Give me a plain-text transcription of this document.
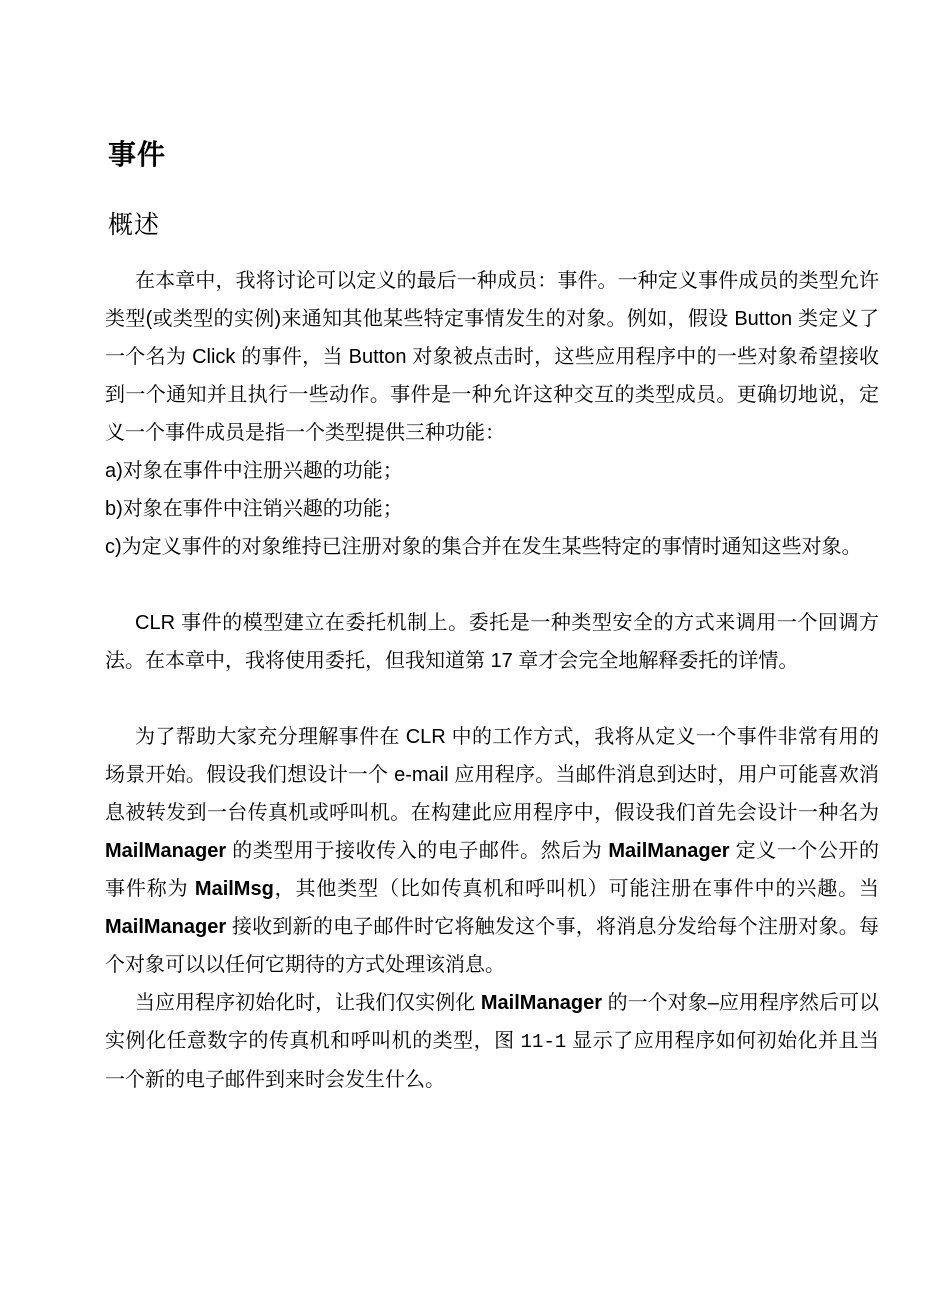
事件
概述

在本章中，我将讨论可以定义的最后一种成员：事件。一种定义事件成员的类型允许类型(或类型的实例)来通知其他某些特定事情发生的对象。例如，假设 Button 类定义了一个名为 Click 的事件，当 Button 对象被点击时，这些应用程序中的一些对象希望接收到一个通知并且执行一些动作。事件是一种允许这种交互的类型成员。更确切地说，定义一个事件成员是指一个类型提供三种功能：

a)对象在事件中注册兴趣的功能；

b)对象在事件中注销兴趣的功能；

c)为定义事件的对象维持已注册对象的集合并在发生某些特定的事情时通知这些对象。

CLR 事件的模型建立在委托机制上。委托是一种类型安全的方式来调用一个回调方法。在本章中，我将使用委托，但我知道第 17 章才会完全地解释委托的详情。

为了帮助大家充分理解事件在 CLR 中的工作方式，我将从定义一个事件非常有用的场景开始。假设我们想设计一个 e-mail 应用程序。当邮件消息到达时，用户可能喜欢消息被转发到一台传真机或呼叫机。在构建此应用程序中，假设我们首先会设计一种名为 MailManager 的类型用于接收传入的电子邮件。然后为 MailManager 定义一个公开的事件称为 MailMsg，其他类型（比如传真机和呼叫机）可能注册在事件中的兴趣。当 MailManager 接收到新的电子邮件时它将触发这个事，将消息分发给每个注册对象。每个对象可以以任何它期待的方式处理该消息。

当应用程序初始化时，让我们仅实例化 MailManager 的一个对象–应用程序然后可以实例化任意数字的传真机和呼叫机的类型，图 11-1 显示了应用程序如何初始化并且当一个新的电子邮件到来时会发生什么。
